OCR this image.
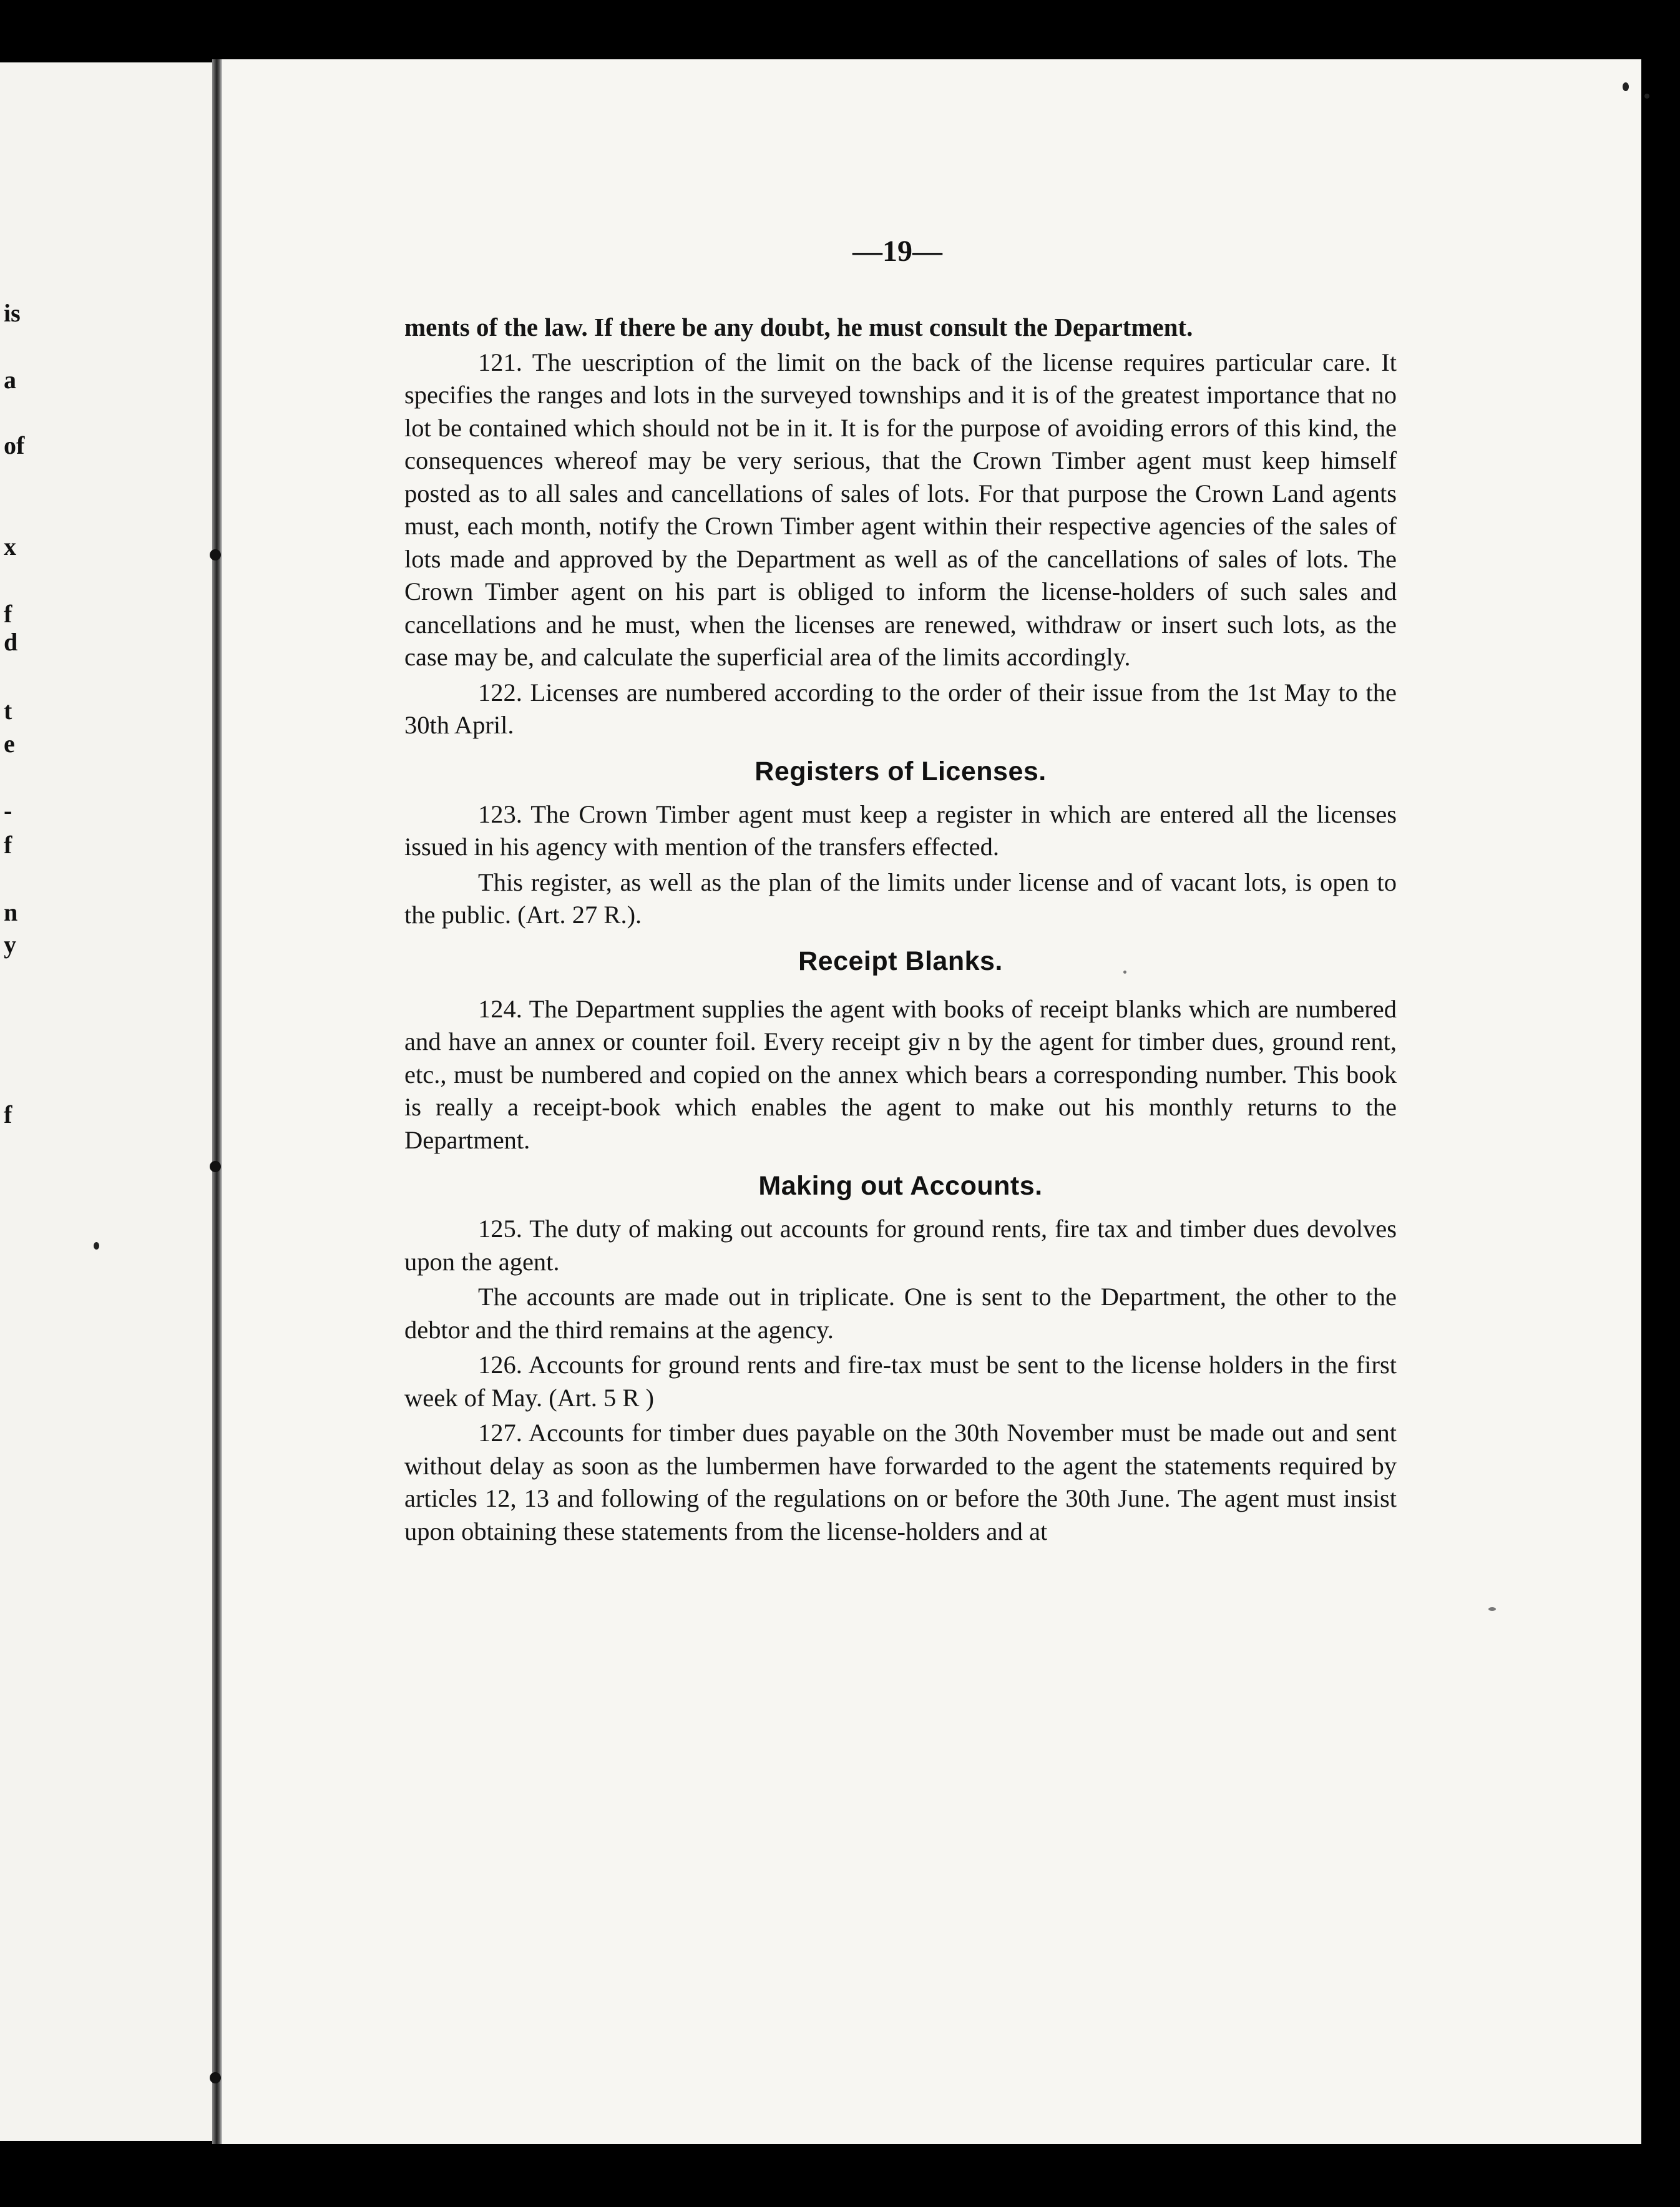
is
a
of
x
f
d
t
e
-
f
n
y
f
—19—

ments of the law. If there be any doubt, he must consult the Department.

121. The uescription of the limit on the back of the license requires particular care. It specifies the ranges and lots in the surveyed townships and it is of the greatest importance that no lot be contained which should not be in it. It is for the purpose of avoiding errors of this kind, the consequences whereof may be very serious, that the Crown Timber agent must keep himself posted as to all sales and cancellations of sales of lots. For that purpose the Crown Land agents must, each month, notify the Crown Timber agent within their respective agencies of the sales of lots made and approved by the Department as well as of the cancellations of sales of lots. The Crown Timber agent on his part is obliged to inform the license-holders of such sales and cancellations and he must, when the licenses are renewed, withdraw or insert such lots, as the case may be, and calculate the superficial area of the limits accordingly.

122. Licenses are numbered according to the order of their issue from the 1st May to the 30th April.

Registers of Licenses.

123. The Crown Timber agent must keep a register in which are entered all the licenses issued in his agency with mention of the transfers effected.

This register, as well as the plan of the limits under license and of vacant lots, is open to the public. (Art. 27 R.).

Receipt Blanks.

124. The Department supplies the agent with books of receipt blanks which are numbered and have an annex or counter foil. Every receipt giv n by the agent for timber dues, ground rent, etc., must be numbered and copied on the annex which bears a corresponding number. This book is really a receipt-book which enables the agent to make out his monthly returns to the Department.

Making out Accounts.

125. The duty of making out accounts for ground rents, fire tax and timber dues devolves upon the agent.

The accounts are made out in triplicate. One is sent to the Department, the other to the debtor and the third remains at the agency.

126. Accounts for ground rents and fire-tax must be sent to the license holders in the first week of May. (Art. 5 R )

127. Accounts for timber dues payable on the 30th November must be made out and sent without delay as soon as the lumbermen have forwarded to the agent the statements required by articles 12, 13 and following of the regulations on or before the 30th June. The agent must insist upon obtaining these statements from the license-holders and at
